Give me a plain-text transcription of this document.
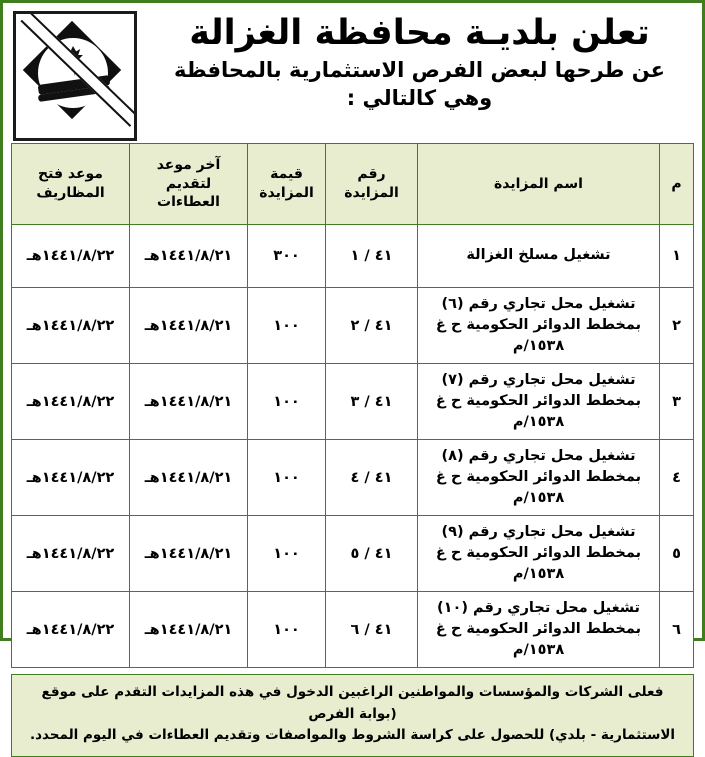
تعلن بلديـة محافظة الغزالة
عن طرحها لبعض الفرص الاستثمارية بالمحافظة
وهي كالتالي :
م	اسم المزايدة	رقم المزايدة	قيمة المزايدة	آخر موعد لتقديم العطاءات	موعد فتح المظاريف
١	تشغيل مسلخ الغزالة	٤١ / ١	٣٠٠	١٤٤١/٨/٢١هـ	١٤٤١/٨/٢٢هـ
٢	تشغيل محل تجاري رقم (٦) بمخطط الدوائر الحكومية ح غ ١٥٣٨/م	٤١ / ٢	١٠٠	١٤٤١/٨/٢١هـ	١٤٤١/٨/٢٢هـ
٣	تشغيل محل تجاري رقم (٧) بمخطط الدوائر الحكومية ح غ ١٥٣٨/م	٤١ / ٣	١٠٠	١٤٤١/٨/٢١هـ	١٤٤١/٨/٢٢هـ
٤	تشغيل محل تجاري رقم (٨) بمخطط الدوائر الحكومية ح غ ١٥٣٨/م	٤١ / ٤	١٠٠	١٤٤١/٨/٢١هـ	١٤٤١/٨/٢٢هـ
٥	تشغيل محل تجاري رقم (٩) بمخطط الدوائر الحكومية ح غ ١٥٣٨/م	٤١ / ٥	١٠٠	١٤٤١/٨/٢١هـ	١٤٤١/٨/٢٢هـ
٦	تشغيل محل تجاري رقم (١٠) بمخطط الدوائر الحكومية ح غ ١٥٣٨/م	٤١ / ٦	١٠٠	١٤٤١/٨/٢١هـ	١٤٤١/٨/٢٢هـ
فعلى الشركات والمؤسسات والمواطنين الراغبين الدخول في هذه المزايدات التقدم على موقع (بوابة الفرص
الاستثمارية - بلدي) للحصول على كراسة الشروط والمواصفات وتقديم العطاءات في اليوم المحدد.
